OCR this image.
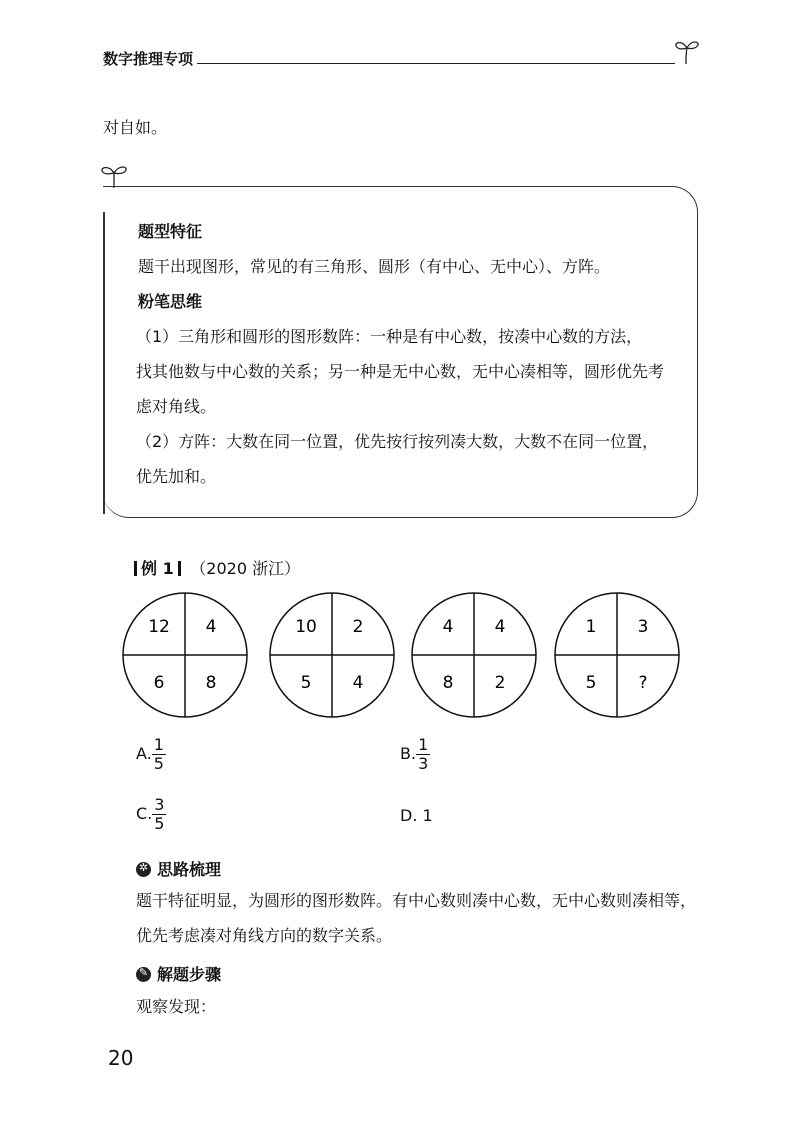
数字推理专项
对自如。
题型特征
题干出现图形，常见的有三角形、圆形（有中心、无中心）、方阵。
粉笔思维
（1）三角形和圆形的图形数阵：一种是有中心数，按凑中心数的方法，
找其他数与中心数的关系；另一种是无中心数，无中心凑相等，圆形优先考
虑对角线。
（2）方阵：大数在同一位置，优先按行按列凑大数，大数不在同一位置，
优先加和。
例 1 （2020 浙江）
12 4
6 8
10 2
5 4
4 4
8 2
1 3
5 ?
A. $\frac{1}{5}$	B. $\frac{1}{3}$
C. $\frac{3}{5}$	D. 1
✲ 思路梳理
题干特征明显，为圆形的图形数阵。有中心数则凑中心数，无中心数则凑相等，
优先考虑凑对角线方向的数字关系。
✎ 解题步骤
观察发现：
20
